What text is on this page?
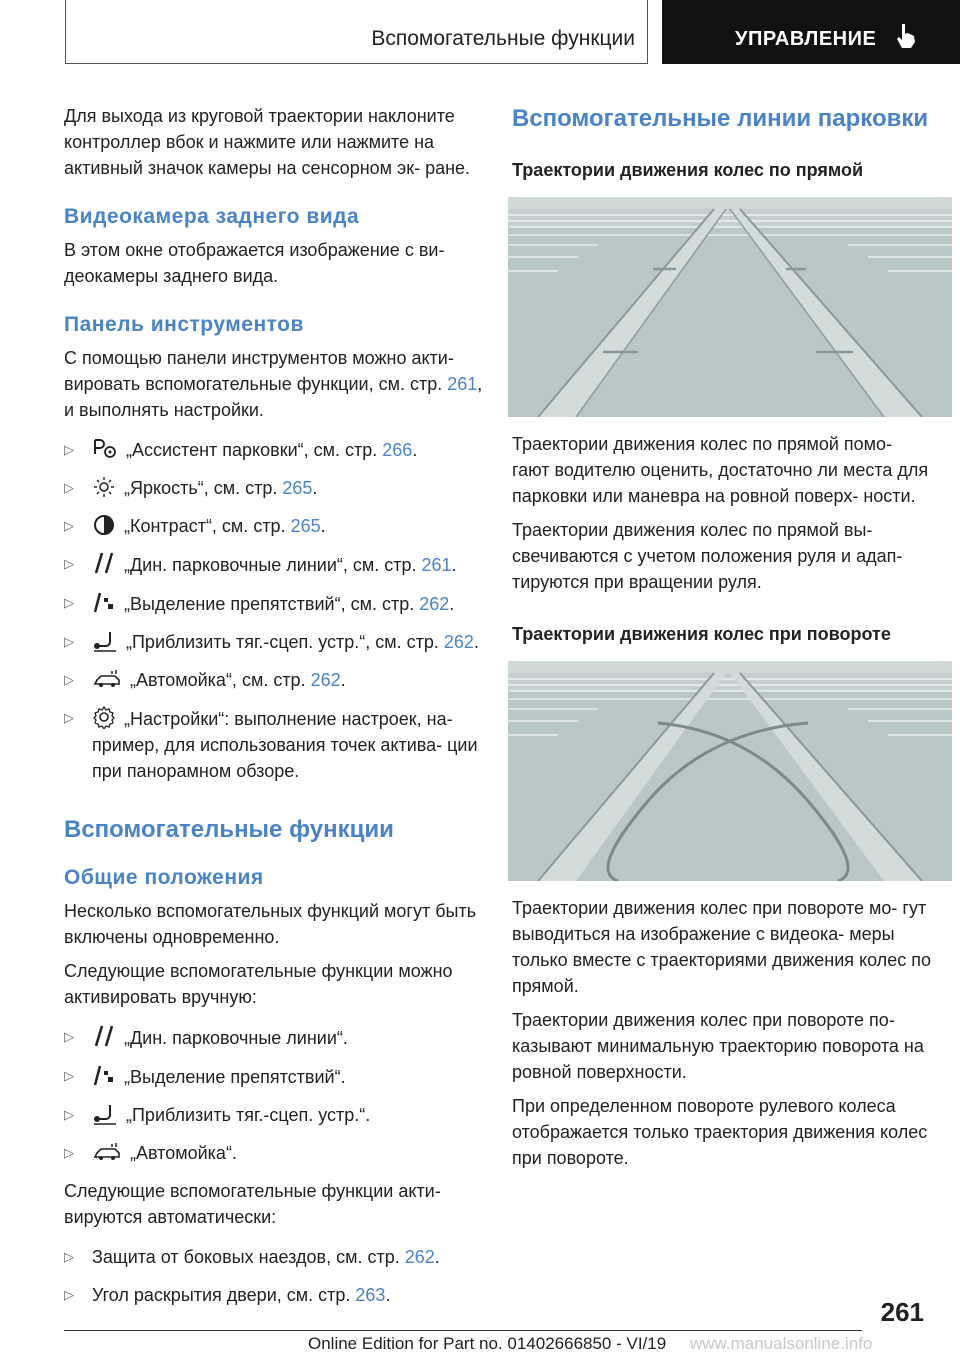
Вспомогательные функции	УПРАВЛЕНИЕ

Для выхода из круговой траектории наклоните контроллер вбок и нажмите или нажмите на активный значок камеры на сенсорном эк- ране.

Видеокамера заднего вида

В этом окне отображается изображение с ви- деокамеры заднего вида.

Панель инструментов

С помощью панели инструментов можно акти- вировать вспомогательные функции, см. стр. 261, и выполнять настройки.

▷	„Ассистент парковки“, см. стр. 266.
▷	„Яркость“, см. стр. 265.
▷	„Контраст“, см. стр. 265.
▷	„Дин. парковочные линии“, см. стр. 261.
▷	„Выделение препятствий“, см. стр. 262.
▷	„Приблизить тяг.-сцеп. устр.“, см. стр. 262.
▷	„Автомойка“, см. стр. 262.
▷	„Настройки“: выполнение настроек, на- пример, для использования точек актива- ции при панорамном обзоре.
Вспомогательные функции
Общие положения

Несколько вспомогательных функций могут быть включены одновременно.

Следующие вспомогательные функции можно активировать вручную:

▷	„Дин. парковочные линии“.
▷	„Выделение препятствий“.
▷	„Приблизить тяг.-сцеп. устр.“.
▷	„Автомойка“.

Следующие вспомогательные функции акти- вируются автоматически:

▷ Защита от боковых наездов, см. стр. 262.
▷ Угол раскрытия двери, см. стр. 263.
Вспомогательные линии парковки
Траектории движения колес по прямой

Траектории движения колес по прямой помо- гают водителю оценить, достаточно ли места для парковки или маневра на ровной поверх- ности.

Траектории движения колес по прямой вы- свечиваются с учетом положения руля и адап- тируются при вращении руля.

Траектории движения колес при повороте

Траектории движения колес при повороте мо- гут выводиться на изображение с видеока- меры только вместе с траекториями движения колес по прямой.

Траектории движения колес при повороте по- казывают минимальную траекторию поворота на ровной поверхности.

При определенном повороте рулевого колеса отображается только траектория движения колес при повороте.

261
Online Edition for Part no. 01402666850 - VI/19 www.manualsonline.info
